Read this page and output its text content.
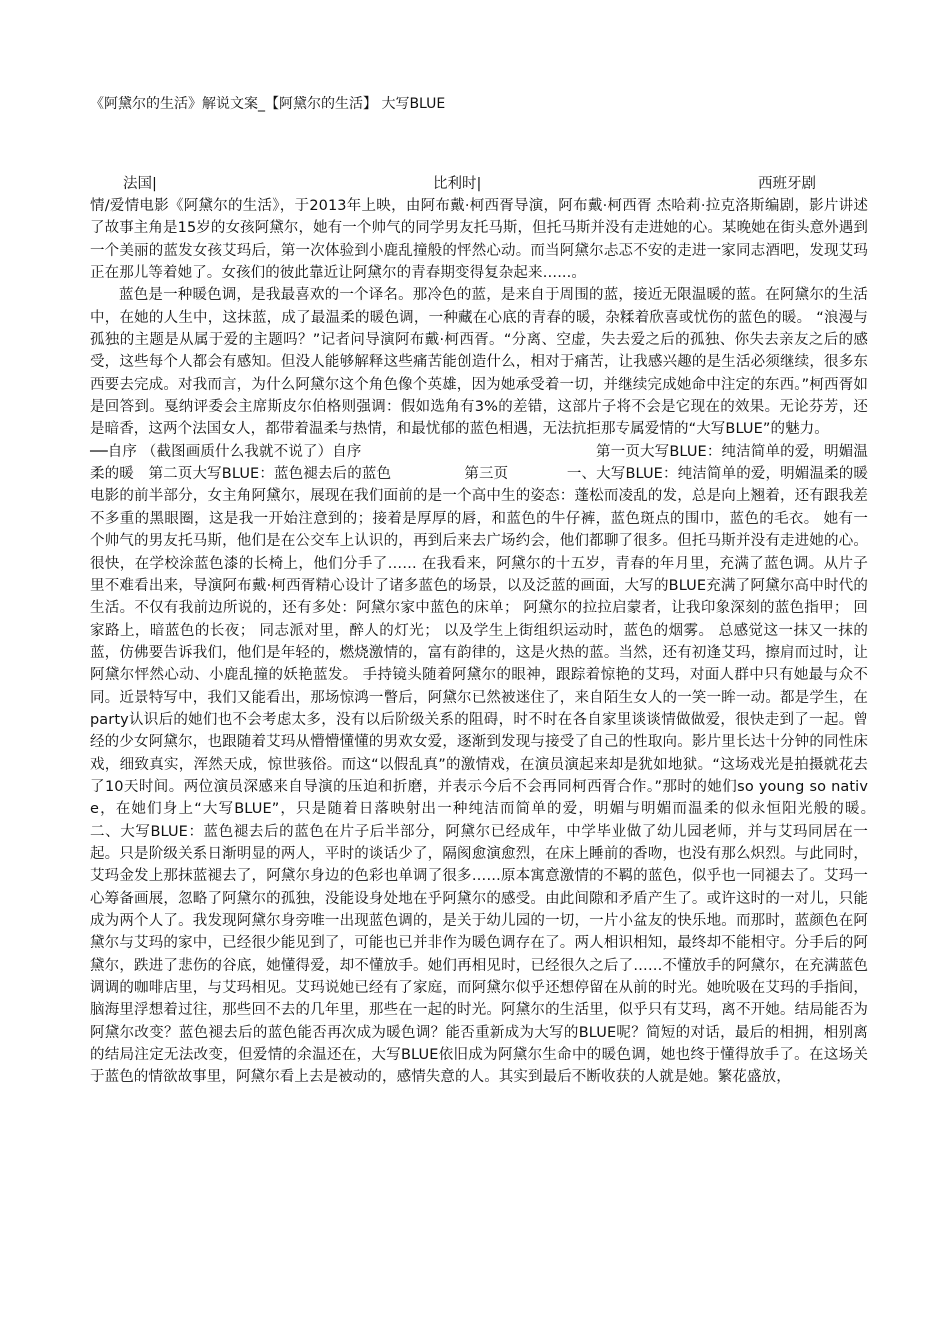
《阿黛尔的生活》解说文案_【阿黛尔的生活】 大写BLUE
法国|	比利时|	西班牙剧

情/爱情电影《阿黛尔的生活》，于2013年上映，由阿布戴·柯西胥导演，阿布戴·柯西胥 杰哈莉·拉克洛斯编剧，影片讲述了故事主角是15岁的女孩阿黛尔，她有一个帅气的同学男友托马斯，但托马斯并没有走进她的心。某晚她在街头意外遇到一个美丽的蓝发女孩艾玛后，第一次体验到小鹿乱撞般的怦然心动。而当阿黛尔忐忑不安的走进一家同志酒吧，发现艾玛正在那儿等着她了。女孩们的彼此靠近让阿黛尔的青春期变得复杂起来…...。

蓝色是一种暖色调，是我最喜欢的一个译名。那冷色的蓝，是来自于周围的蓝，接近无限温暖的蓝。在阿黛尔的生活中，在她的人生中，这抹蓝，成了最温柔的暖色调，一种藏在心底的青春的暖，杂糅着欣喜或忧伤的蓝色的暖。 “浪漫与孤独的主题是从属于爱的主题吗？”记者问导演阿布戴·柯西胥。“分离、空虚，失去爱之后的孤独、你失去亲友之后的感受，这些每个人都会有感知。但没人能够解释这些痛苦能创造什么，相对于痛苦，让我感兴趣的是生活必须继续，很多东西要去完成。对我而言，为什么阿黛尔这个角色像个英雄，因为她承受着一切，并继续完成她命中注定的东西。”柯西胥如是回答到。戛纳评委会主席斯皮尔伯格则强调：假如选角有3%的差错，这部片子将不会是它现在的效果。无论芬芳，还是暗香，这两个法国女人，都带着温柔与热情，和最忧郁的蓝色相遇，无法抗拒那专属爱情的“大写BLUE”的魅力。

──自序 （截图画质什么我就不说了）自序　　　　　　　　　　　　　　　　第一页大写BLUE：纯洁简单的爱，明媚温柔的暖　第二页大写BLUE：蓝色褪去后的蓝色　　　　　第三页　　　　一、大写BLUE：纯洁简单的爱，明媚温柔的暖电影的前半部分，女主角阿黛尔，展现在我们面前的是一个高中生的姿态：蓬松而凌乱的发，总是向上翘着，还有跟我差不多重的黑眼圈，这是我一开始注意到的；接着是厚厚的唇，和蓝色的牛仔裤，蓝色斑点的围巾，蓝色的毛衣。 她有一个帅气的男友托马斯，他们是在公交车上认识的，再到后来去广场约会，他们都聊了很多。但托马斯并没有走进她的心。很快，在学校涂蓝色漆的长椅上，他们分手了…… 在我看来，阿黛尔的十五岁，青春的年月里，充满了蓝色调。从片子里不难看出来，导演阿布戴·柯西胥精心设计了诸多蓝色的场景，以及泛蓝的画面，大写的BLUE充满了阿黛尔高中时代的生活。不仅有我前边所说的，还有多处：阿黛尔家中蓝色的床单； 阿黛尔的拉拉启蒙者，让我印象深刻的蓝色指甲； 回家路上，暗蓝色的长夜； 同志派对里，醉人的灯光； 以及学生上街组织运动时，蓝色的烟雾。 总感觉这一抹又一抹的蓝，仿佛要告诉我们，他们是年轻的，燃烧激情的，富有韵律的，这是火热的蓝。当然，还有初逢艾玛，擦肩而过时，让阿黛尔怦然心动、小鹿乱撞的妖艳蓝发。 手持镜头随着阿黛尔的眼神，跟踪着惊艳的艾玛，对面人群中只有她最与众不同。近景特写中，我们又能看出，那场惊鸿一瞥后，阿黛尔已然被迷住了，来自陌生女人的一笑一眸一动。都是学生，在party认识后的她们也不会考虑太多，没有以后阶级关系的阻碍，时不时在各自家里谈谈情做做爱，很快走到了一起。曾经的少女阿黛尔，也跟随着艾玛从懵懵懂懂的男欢女爱，逐渐到发现与接受了自己的性取向。影片里长达十分钟的同性床戏，细致真实，浑然天成，惊世骇俗。而这“以假乱真”的激情戏，在演员演起来却是犹如地狱。“这场戏光是拍摄就花去了10天时间。两位演员深感来自导演的压迫和折磨，并表示今后不会再同柯西胥合作。”那时的她们so young so native，在她们身上“大写BLUE”，只是随着日落映射出一种纯洁而简单的爱，明媚与明媚而温柔的似永恒阳光般的暖。　　　二、大写BLUE：蓝色褪去后的蓝色在片子后半部分，阿黛尔已经成年，中学毕业做了幼儿园老师，并与艾玛同居在一起。只是阶级关系日渐明显的两人，平时的谈话少了，隔阂愈演愈烈，在床上睡前的香吻，也没有那么炽烈。与此同时，艾玛金发上那抹蓝褪去了，阿黛尔身边的色彩也单调了很多……原本寓意激情的不羁的蓝色，似乎也一同褪去了。艾玛一心筹备画展，忽略了阿黛尔的孤独，没能设身处地在乎阿黛尔的感受。由此间隙和矛盾产生了。或许这时的一对儿，只能成为两个人了。我发现阿黛尔身旁唯一出现蓝色调的，是关于幼儿园的一切，一片小盆友的快乐地。而那时，蓝颜色在阿黛尔与艾玛的家中，已经很少能见到了，可能也已并非作为暖色调存在了。两人相识相知，最终却不能相守。分手后的阿黛尔，跌进了悲伤的谷底，她懂得爱，却不懂放手。她们再相见时，已经很久之后了……不懂放手的阿黛尔，在充满蓝色调调的咖啡店里，与艾玛相见。艾玛说她已经有了家庭，而阿黛尔似乎还想停留在从前的时光。她吮吸在艾玛的手指间，脑海里浮想着过往，那些回不去的几年里，那些在一起的时光。阿黛尔的生活里，似乎只有艾玛，离不开她。结局能否为阿黛尔改变？蓝色褪去后的蓝色能否再次成为暖色调？能否重新成为大写的BLUE呢？简短的对话，最后的相拥，相别离的结局注定无法改变，但爱情的余温还在，大写BLUE依旧成为阿黛尔生命中的暖色调，她也终于懂得放手了。在这场关于蓝色的情欲故事里，阿黛尔看上去是被动的，感情失意的人。其实到最后不断收获的人就是她。繁花盛放，
